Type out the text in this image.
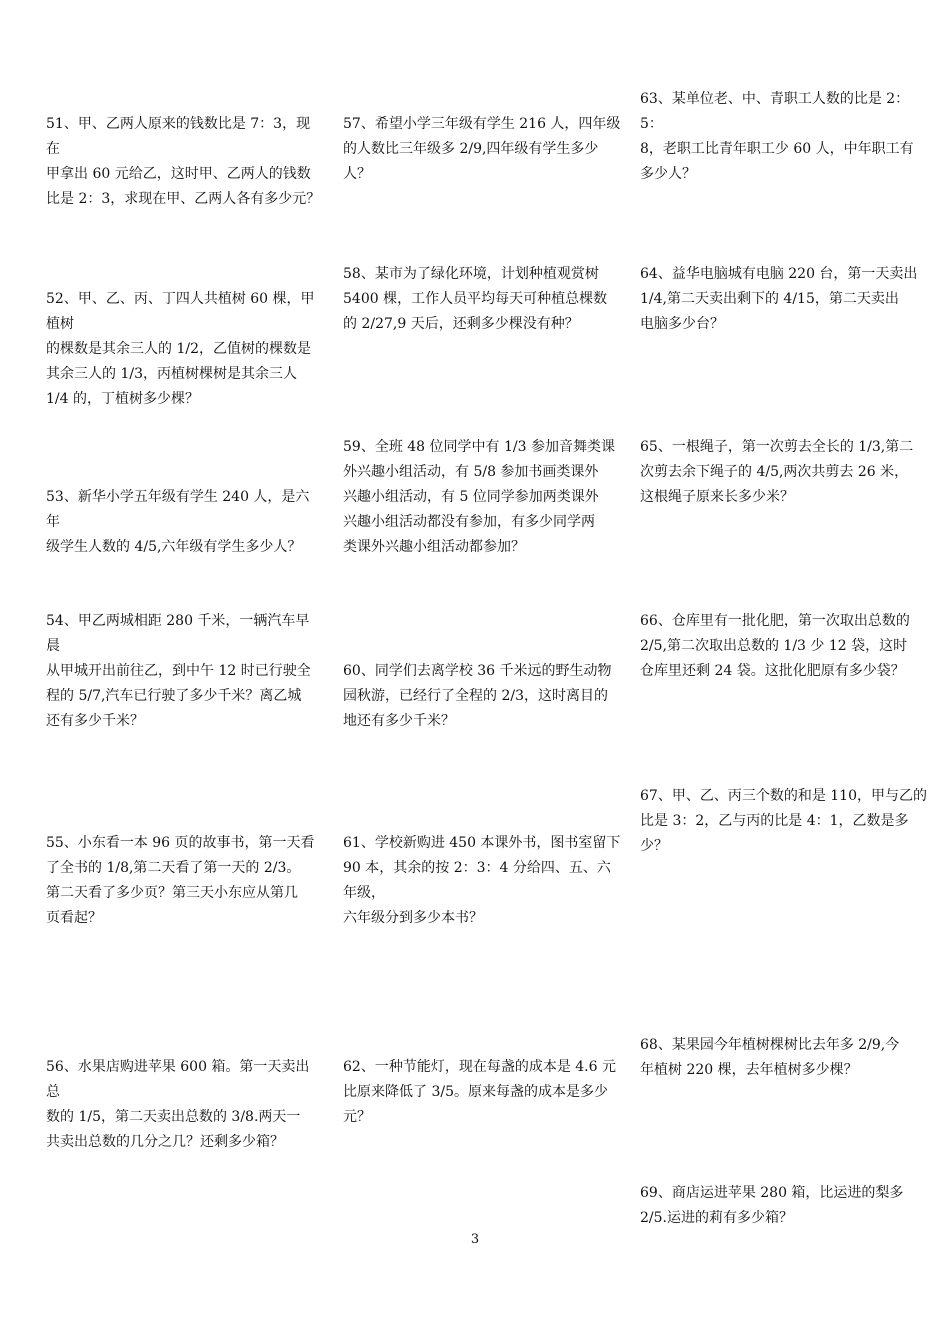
51、甲、乙两人原来的钱数比是 7：3，现在
甲拿出 60 元给乙，这时甲、乙两人的钱数
比是 2：3，求现在甲、乙两人各有多少元？
52、甲、乙、丙、丁四人共植树 60 棵，甲植树
的棵数是其余三人的 1/2，乙值树的棵数是
其余三人的 1/3，丙植树棵树是其余三人
1/4 的，丁植树多少棵？
53、新华小学五年级有学生 240 人，是六年
级学生人数的 4/5,六年级有学生多少人？
54、甲乙两城相距 280 千米，一辆汽车早晨
从甲城开出前往乙，到中午 12 时已行驶全
程的 5/7,汽车已行驶了多少千米？离乙城
还有多少千米？
55、小东看一本 96 页的故事书，第一天看
了全书的 1/8,第二天看了第一天的 2/3。
第二天看了多少页？第三天小东应从第几
页看起？
56、水果店购进苹果 600 箱。第一天卖出总
数的 1/5，第二天卖出总数的 3/8.两天一
共卖出总数的几分之几？还剩多少箱？
57、希望小学三年级有学生 216 人，四年级
的人数比三年级多 2/9,四年级有学生多少
人？
58、某市为了绿化环境，计划种植观赏树
5400 棵，工作人员平均每天可种植总棵数
的 2/27,9 天后，还剩多少棵没有种？
59、全班 48 位同学中有 1/3 参加音舞类课
外兴趣小组活动，有 5/8 参加书画类课外
兴趣小组活动，有 5 位同学参加两类课外
兴趣小组活动都没有参加，有多少同学两
类课外兴趣小组活动都参加？
60、同学们去离学校 36 千米远的野生动物
园秋游，已经行了全程的 2/3，这时离目的
地还有多少千米？
61、学校新购进 450 本课外书，图书室留下
90 本，其余的按 2：3：4 分给四、五、六年级，
六年级分到多少本书？
62、一种节能灯，现在每盏的成本是 4.6 元
比原来降低了 3/5。原来每盏的成本是多少
元？
63、某单位老、中、青职工人数的比是 2：5：
8，老职工比青年职工少 60 人，中年职工有
多少人？
64、益华电脑城有电脑 220 台，第一天卖出
1/4,第二天卖出剩下的 4/15，第二天卖出
电脑多少台？
65、一根绳子，第一次剪去全长的 1/3,第二
次剪去余下绳子的 4/5,两次共剪去 26 米，
这根绳子原来长多少米？
66、仓库里有一批化肥，第一次取出总数的
2/5,第二次取出总数的 1/3 少 12 袋，这时
仓库里还剩 24 袋。这批化肥原有多少袋？
67、甲、乙、丙三个数的和是 110，甲与乙的
比是 3：2，乙与丙的比是 4：1，乙数是多少？
68、某果园今年植树棵树比去年多 2/9,今
年植树 220 棵，去年植树多少棵？
69、商店运进苹果 280 箱，比运进的梨多
2/5.运进的莉有多少箱？
3
